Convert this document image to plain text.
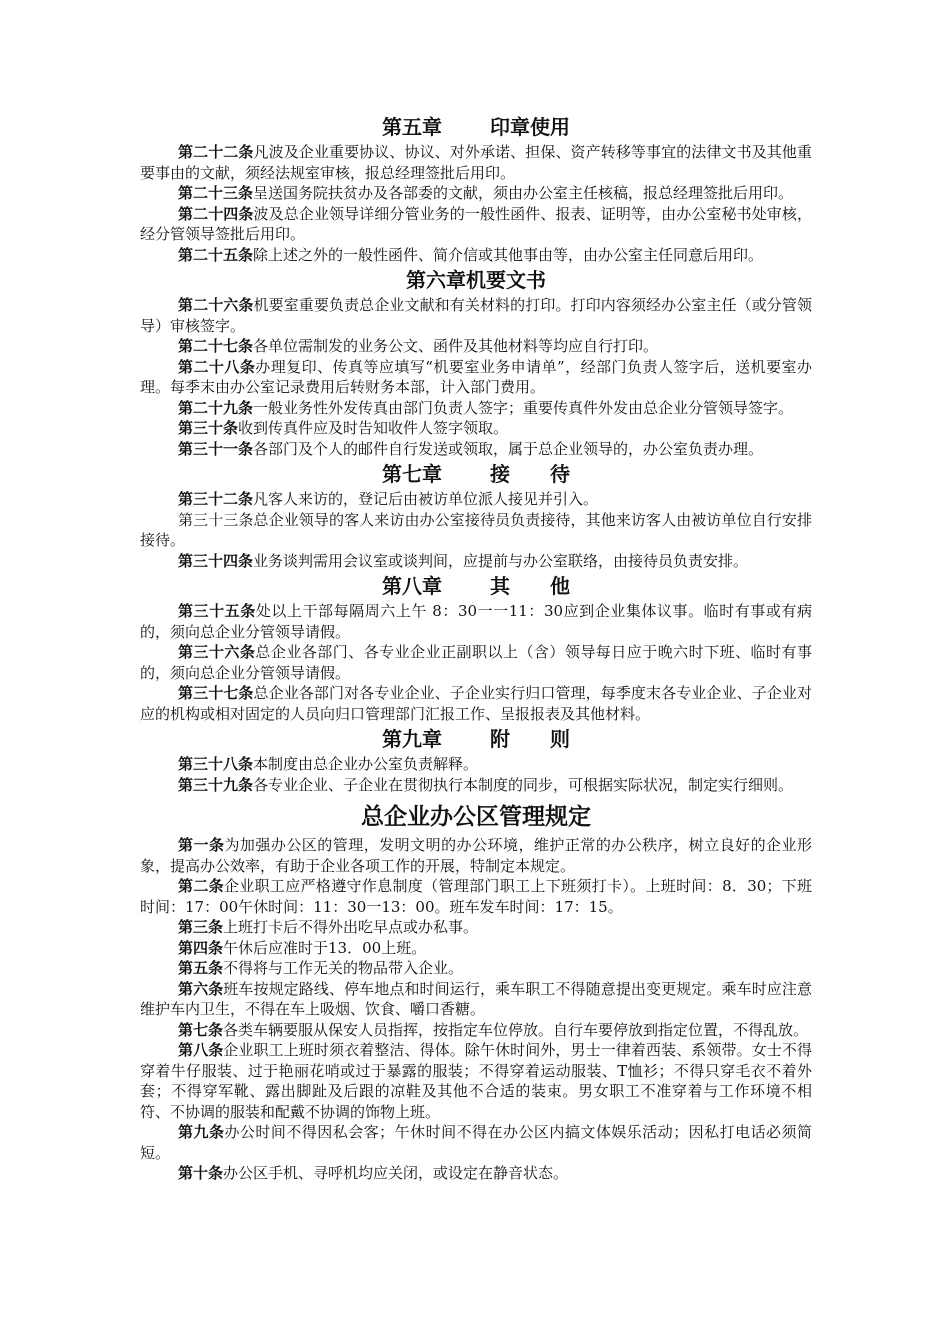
第五章 印章使用

第二十二条凡波及企业重要协议、协议、对外承诺、担保、资产转移等事宜的法律文书及其他重要事由的文献，须经法规室审核，报总经理签批后用印。

第二十三条呈送国务院扶贫办及各部委的文献，须由办公室主任核稿，报总经理签批后用印。

第二十四条波及总企业领导详细分管业务的一般性函件、报表、证明等，由办公室秘书处审核，经分管领导签批后用印。

第二十五条除上述之外的一般性函件、简介信或其他事由等，由办公室主任同意后用印。

第六章机要文书

第二十六条机要室重要负责总企业文献和有关材料的打印。打印内容须经办公室主任（或分管领导）审核签字。

第二十七条各单位需制发的业务公文、函件及其他材料等均应自行打印。

第二十八条办理复印、传真等应填写“机要室业务申请单”，经部门负责人签字后，送机要室办理。每季末由办公室记录费用后转财务本部，计入部门费用。

第二十九条一般业务性外发传真由部门负责人签字；重要传真件外发由总企业分管领导签字。

第三十条收到传真件应及时告知收件人签字领取。

第三十一条各部门及个人的邮件自行发送或领取，属于总企业领导的，办公室负责办理。

第七章 接　　待

第三十二条凡客人来访的，登记后由被访单位派人接见并引入。

第三十三条总企业领导的客人来访由办公室接待员负责接待，其他来访客人由被访单位自行安排接待。

第三十四条业务谈判需用会议室或谈判间，应提前与办公室联络，由接待员负责安排。

第八章 其　　他

第三十五条处以上干部每隔周六上午 8：30一一11：30应到企业集体议事。临时有事或有病的，须向总企业分管领导请假。

第三十六条总企业各部门、各专业企业正副职以上（含）领导每日应于晚六时下班、临时有事的，须向总企业分管领导请假。

第三十七条总企业各部门对各专业企业、子企业实行归口管理，每季度末各专业企业、子企业对应的机构或相对固定的人员向归口管理部门汇报工作、呈报报表及其他材料。

第九章 附　　则

第三十八条本制度由总企业办公室负责解释。

第三十九条各专业企业、子企业在贯彻执行本制度的同步，可根据实际状况，制定实行细则。

总企业办公区管理规定

第一条为加强办公区的管理，发明文明的办公环境，维护正常的办公秩序，树立良好的企业形象，提高办公效率，有助于企业各项工作的开展，特制定本规定。

第二条企业职工应严格遵守作息制度（管理部门职工上下班须打卡）。上班时间：8．30；下班时间：17：00午休时间：11：30一13：00。班车发车时间：17：15。

第三条上班打卡后不得外出吃早点或办私事。

第四条午休后应准时于13．00上班。

第五条不得将与工作无关的物品带入企业。

第六条班车按规定路线、停车地点和时间运行，乘车职工不得随意提出变更规定。乘车时应注意维护车内卫生，不得在车上吸烟、饮食、嚼口香糖。

第七条各类车辆要服从保安人员指挥，按指定车位停放。自行车要停放到指定位置，不得乱放。

第八条企业职工上班时须衣着整洁、得体。除午休时间外，男士一律着西装、系领带。女士不得穿着牛仔服装、过于艳丽花哨或过于暴露的服装；不得穿着运动服装、T恤衫；不得只穿毛衣不着外套；不得穿军靴、露出脚趾及后跟的凉鞋及其他不合适的装束。男女职工不准穿着与工作环境不相符、不协调的服装和配戴不协调的饰物上班。

第九条办公时间不得因私会客；午休时间不得在办公区内搞文体娱乐活动；因私打电话必须简短。

第十条办公区手机、寻呼机均应关闭，或设定在静音状态。
